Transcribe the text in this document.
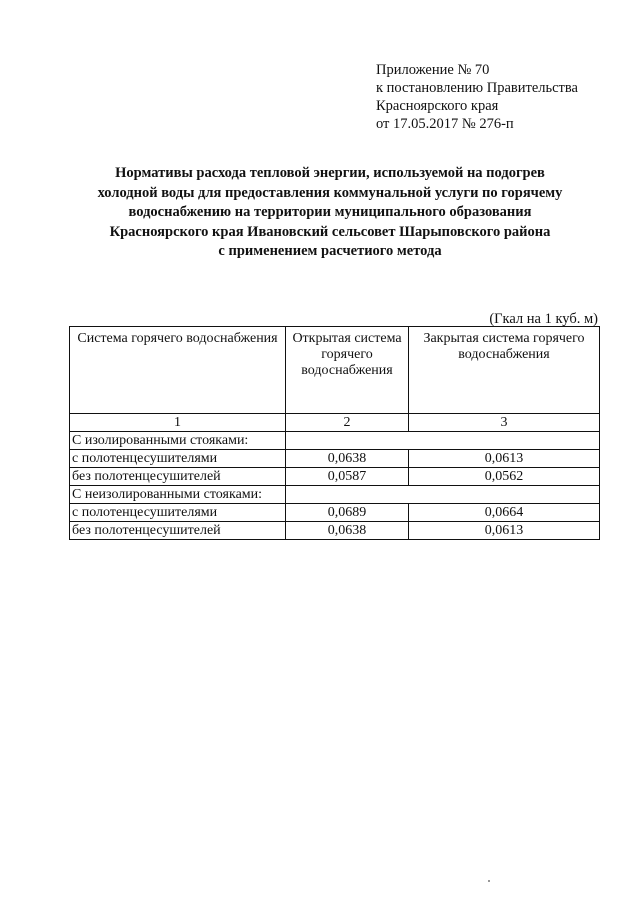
Приложение № 70
к постановлению Правительства
Красноярского края
от 17.05.2017 № 276-п
Нормативы расхода тепловой энергии, используемой на подогрев
холодной воды для предоставления коммунальной услуги по горячему
водоснабжению на территории муниципального образования
Красноярского края Ивановский сельсовет Шарыповского района
с применением расчетиого метода
(Гкал на 1 куб. м)
Система горячего водоснабжения	Открытая система горячего водоснабжения	Закрытая система горячего водоснабжения
1	2	3
С изолированными стояками:		
с полотенцесушителями	0,0638	0,0613
без полотенцесушителей	0,0587	0,0562
С неизолированными стояками:		
с полотенцесушителями	0,0689	0,0664
без полотенцесушителей	0,0638	0,0613
